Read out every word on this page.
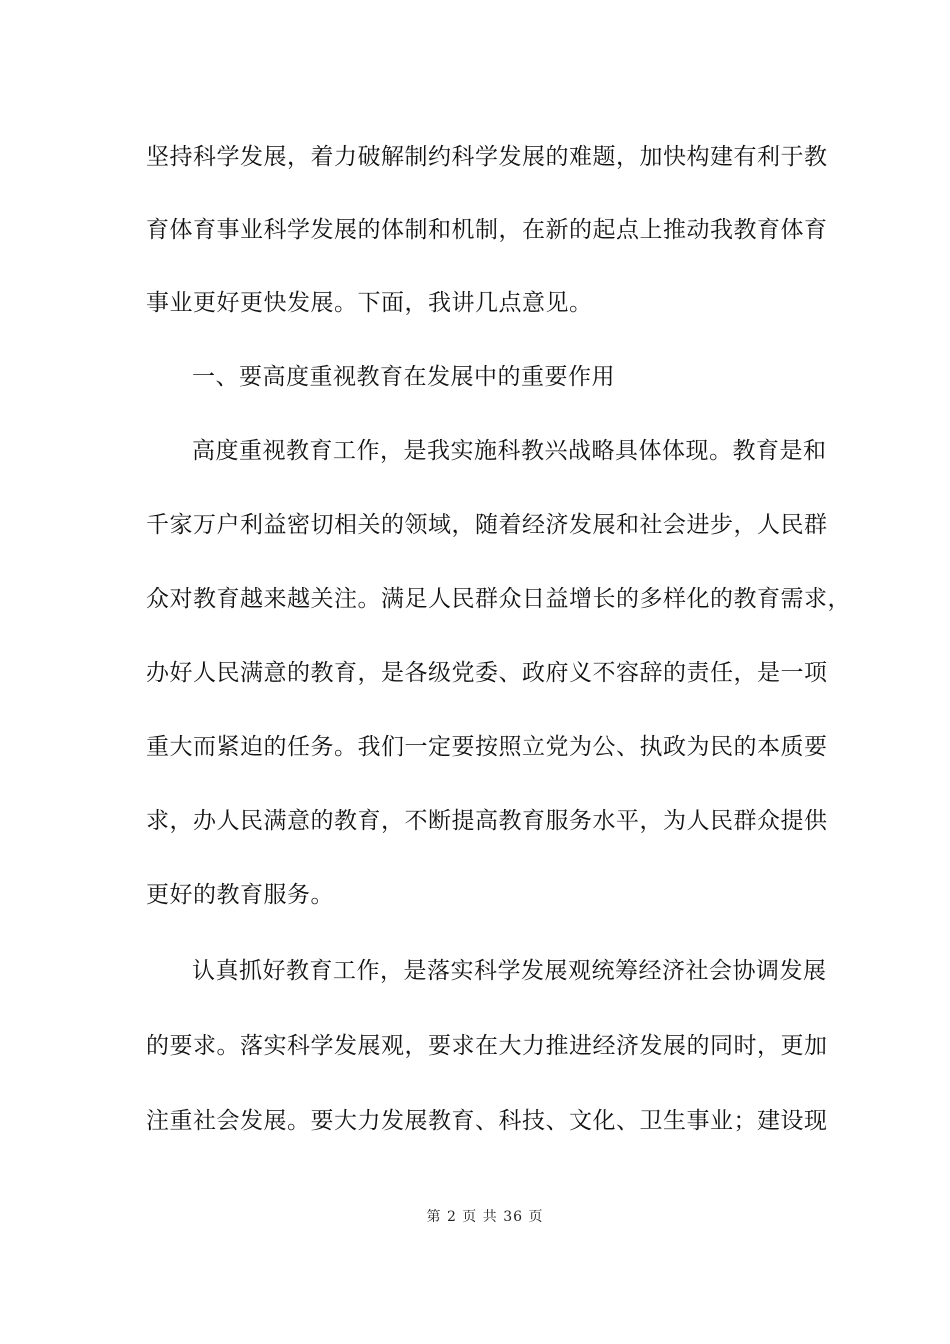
坚持科学发展，着力破解制约科学发展的难题，加快构建有利于教
育体育事业科学发展的体制和机制，在新的起点上推动我教育体育
事业更好更快发展。下面，我讲几点意见。
一、要高度重视教育在发展中的重要作用
高度重视教育工作，是我实施科教兴战略具体体现。教育是和
千家万户利益密切相关的领域，随着经济发展和社会进步，人民群
众对教育越来越关注。满足人民群众日益增长的多样化的教育需求，
办好人民满意的教育，是各级党委、政府义不容辞的责任，是一项
重大而紧迫的任务。我们一定要按照立党为公、执政为民的本质要
求，办人民满意的教育，不断提高教育服务水平，为人民群众提供
更好的教育服务。
认真抓好教育工作，是落实科学发展观统筹经济社会协调发展
的要求。落实科学发展观，要求在大力推进经济发展的同时，更加
注重社会发展。要大力发展教育、科技、文化、卫生事业；建设现
第 2 页 共 36 页
